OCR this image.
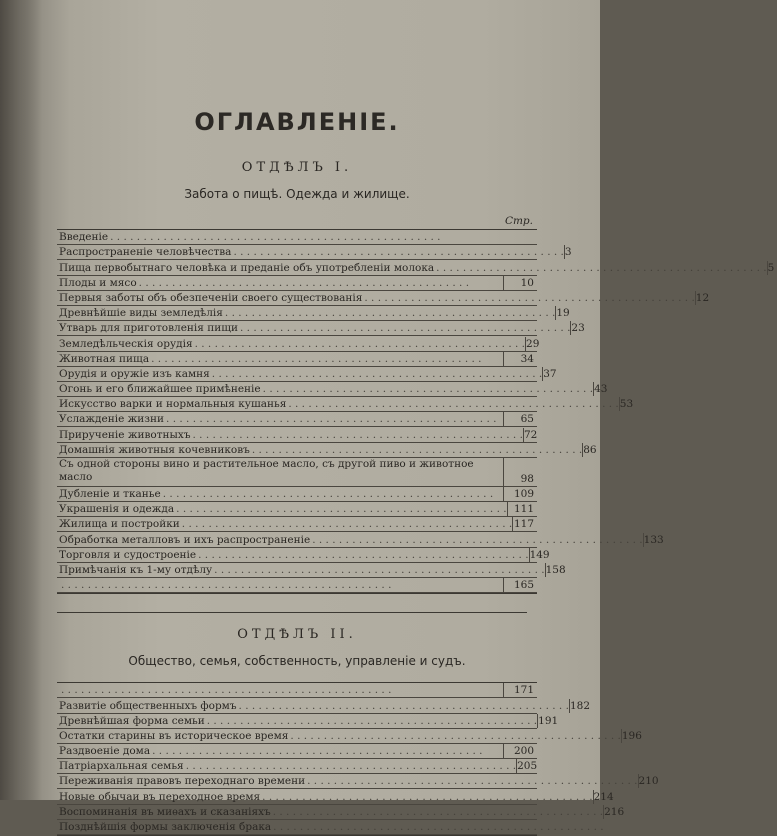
ОГЛАВЛЕНІЕ.
ОТДѢЛЪ I.
Забота о пищѣ. Одежда и жилище.
Стр.
Введеніе . . . . . . . . . . . . . . . . . . . . . . . . . . . . . . . . . . . . . . . . . . . . . . . . . .
Распространеніе человѣчества . . . . . . . . . . . . . . . . . . . . . . . . . . . . . . . . . . . . . . . . . . . . . . . . . . 3
Пища первобытнаго человѣка и преданіе объ употребленіи молока . . . . . . . . . . . . . . . . . . . . . . . . . . . . . . . . . . . . . . . . . . . . . . . . . . 5
Плоды и мясо . . . . . . . . . . . . . . . . . . . . . . . . . . . . . . . . . . . . . . . . . . . . . . . . . .	10
Первыя заботы объ обезпеченіи своего существованія . . . . . . . . . . . . . . . . . . . . . . . . . . . . . . . . . . . . . . . . . . . . . . . . . . 12
Древнѣйшіе виды земледѣлія . . . . . . . . . . . . . . . . . . . . . . . . . . . . . . . . . . . . . . . . . . . . . . . . . . 19
Утварь для приготовленія пищи . . . . . . . . . . . . . . . . . . . . . . . . . . . . . . . . . . . . . . . . . . . . . . . . . . 23
Земледѣльческія орудія . . . . . . . . . . . . . . . . . . . . . . . . . . . . . . . . . . . . . . . . . . . . . . . . . . 29
Животная пища . . . . . . . . . . . . . . . . . . . . . . . . . . . . . . . . . . . . . . . . . . . . . . . . . .	34
Орудія и оружіе изъ камня . . . . . . . . . . . . . . . . . . . . . . . . . . . . . . . . . . . . . . . . . . . . . . . . . . 37
Огонь и его ближайшее примѣненіе . . . . . . . . . . . . . . . . . . . . . . . . . . . . . . . . . . . . . . . . . . . . . . . . . . 43
Искусство варки и нормальныя кушанья . . . . . . . . . . . . . . . . . . . . . . . . . . . . . . . . . . . . . . . . . . . . . . . . . . 53
Услажденіе жизни . . . . . . . . . . . . . . . . . . . . . . . . . . . . . . . . . . . . . . . . . . . . . . . . . .	65
Прирученіе животныхъ . . . . . . . . . . . . . . . . . . . . . . . . . . . . . . . . . . . . . . . . . . . . . . . . . . 72
Домашнія животныя кочевниковъ . . . . . . . . . . . . . . . . . . . . . . . . . . . . . . . . . . . . . . . . . . . . . . . . . . 86
Съ одной стороны вино и растительное масло, съ другой пиво и животное масло	98
Дубленіе и тканье . . . . . . . . . . . . . . . . . . . . . . . . . . . . . . . . . . . . . . . . . . . . . . . . . .	109
Украшенія и одежда . . . . . . . . . . . . . . . . . . . . . . . . . . . . . . . . . . . . . . . . . . . . . . . . . . 111
Жилища и постройки . . . . . . . . . . . . . . . . . . . . . . . . . . . . . . . . . . . . . . . . . . . . . . . . . . 117
Обработка металловъ и ихъ распространеніе . . . . . . . . . . . . . . . . . . . . . . . . . . . . . . . . . . . . . . . . . . . . . . . . . . 133
Торговля и судостроеніе . . . . . . . . . . . . . . . . . . . . . . . . . . . . . . . . . . . . . . . . . . . . . . . . . . 149
Примѣчанія къ 1-му отдѣлу . . . . . . . . . . . . . . . . . . . . . . . . . . . . . . . . . . . . . . . . . . . . . . . . . . 158
. . . . . . . . . . . . . . . . . . . . . . . . . . . . . . . . . . . . . . . . . . . . . . . . . .	165
ОТДѢЛЪ II.
Общество, семья, собственность, управленіе и судъ.
. . . . . . . . . . . . . . . . . . . . . . . . . . . . . . . . . . . . . . . . . . . . . . . . . .	171
Развитіе общественныхъ формъ . . . . . . . . . . . . . . . . . . . . . . . . . . . . . . . . . . . . . . . . . . . . . . . . . . 182
Древнѣйшая форма семьи . . . . . . . . . . . . . . . . . . . . . . . . . . . . . . . . . . . . . . . . . . . . . . . . . . 191
Остатки старины въ историческое время . . . . . . . . . . . . . . . . . . . . . . . . . . . . . . . . . . . . . . . . . . . . . . . . . . 196
Раздвоеніе дома . . . . . . . . . . . . . . . . . . . . . . . . . . . . . . . . . . . . . . . . . . . . . . . . . .	200
Патріархальная семья . . . . . . . . . . . . . . . . . . . . . . . . . . . . . . . . . . . . . . . . . . . . . . . . . . 205
Переживанія правовъ переходнаго времени . . . . . . . . . . . . . . . . . . . . . . . . . . . . . . . . . . . . . . . . . . . . . . . . . . 210
Новые обычаи въ переходное время . . . . . . . . . . . . . . . . . . . . . . . . . . . . . . . . . . . . . . . . . . . . . . . . . . 214
Воспоминанія въ миѳахъ и сказаніяхъ . . . . . . . . . . . . . . . . . . . . . . . . . . . . . . . . . . . . . . . . . . . . . . . . . . 216
Позднѣйшія формы заключенія брака . . . . . . . . . . . . . . . . . . . . . . . . . . . . . . . . . . . . . . . . . . . . . . . . . .
